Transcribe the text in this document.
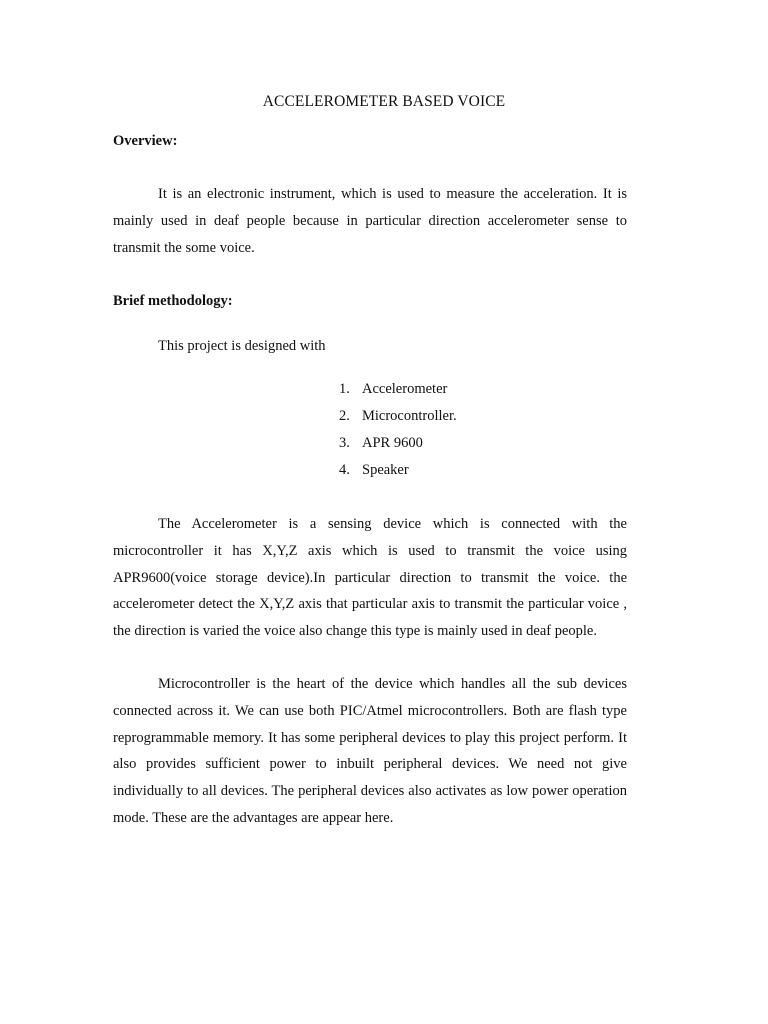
ACCELEROMETER BASED VOICE
Overview:
It is an electronic instrument, which is used to measure the acceleration. It is mainly used in deaf people because in particular direction accelerometer sense to transmit the some voice.
Brief methodology:
This project is designed with
1. Accelerometer
2. Microcontroller.
3. APR 9600
4. Speaker
The Accelerometer is a sensing device which is connected with the microcontroller it has X,Y,Z axis which is used to transmit the voice using APR9600(voice storage device).In particular direction to transmit the voice. the accelerometer detect the X,Y,Z axis that particular axis to transmit the particular voice , the direction is varied the voice also change this type is mainly used in deaf people.
Microcontroller is the heart of the device which handles all the sub devices connected across it. We can use both PIC/Atmel microcontrollers. Both are flash type reprogrammable memory. It has some peripheral devices to play this project perform. It also provides sufficient power to inbuilt peripheral devices. We need not give individually to all devices. The peripheral devices also activates as low power operation mode. These are the advantages are appear here.
